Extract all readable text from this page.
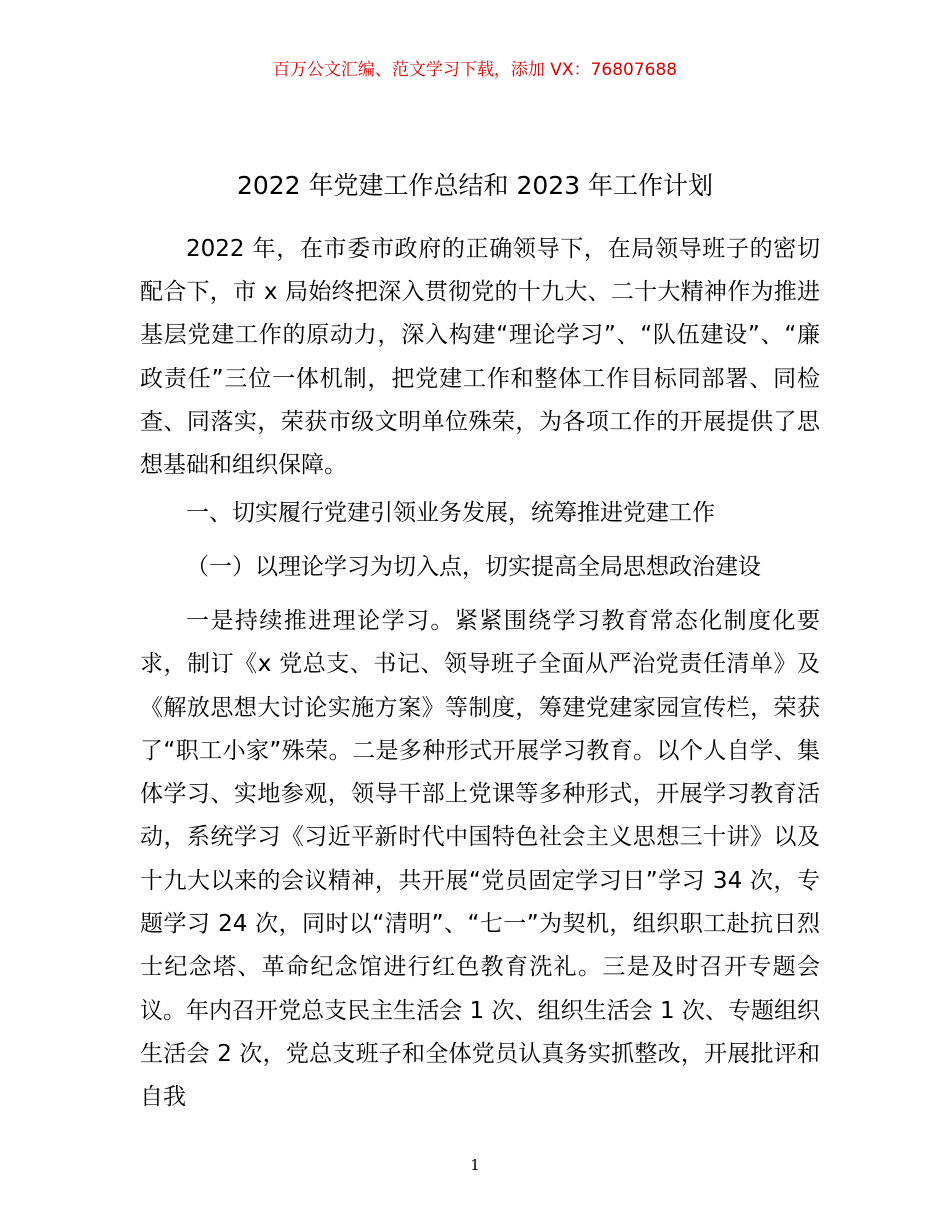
百万公文汇编、范文学习下载，添加 VX：76807688
2022 年党建工作总结和 2023 年工作计划

2022 年，在市委市政府的正确领导下，在局领导班子的密切配合下，市 x 局始终把深入贯彻党的十九大、二十大精神作为推进基层党建工作的原动力，深入构建“理论学习”、“队伍建设”、“廉政责任”三位一体机制，把党建工作和整体工作目标同部署、同检查、同落实，荣获市级文明单位殊荣，为各项工作的开展提供了思想基础和组织保障。

一、切实履行党建引领业务发展，统筹推进党建工作

（一）以理论学习为切入点，切实提高全局思想政治建设

一是持续推进理论学习。紧紧围绕学习教育常态化制度化要求，制订《x 党总支、书记、领导班子全面从严治党责任清单》及《解放思想大讨论实施方案》等制度，筹建党建家园宣传栏，荣获了“职工小家”殊荣。二是多种形式开展学习教育。以个人自学、集体学习、实地参观，领导干部上党课等多种形式，开展学习教育活动，系统学习《习近平新时代中国特色社会主义思想三十讲》以及十九大以来的会议精神，共开展“党员固定学习日”学习 34 次，专题学习 24 次，同时以“清明”、“七一”为契机，组织职工赴抗日烈士纪念塔、革命纪念馆进行红色教育洗礼。三是及时召开专题会议。年内召开党总支民主生活会 1 次、组织生活会 1 次、专题组织生活会 2 次，党总支班子和全体党员认真务实抓整改，开展批评和自我

1
